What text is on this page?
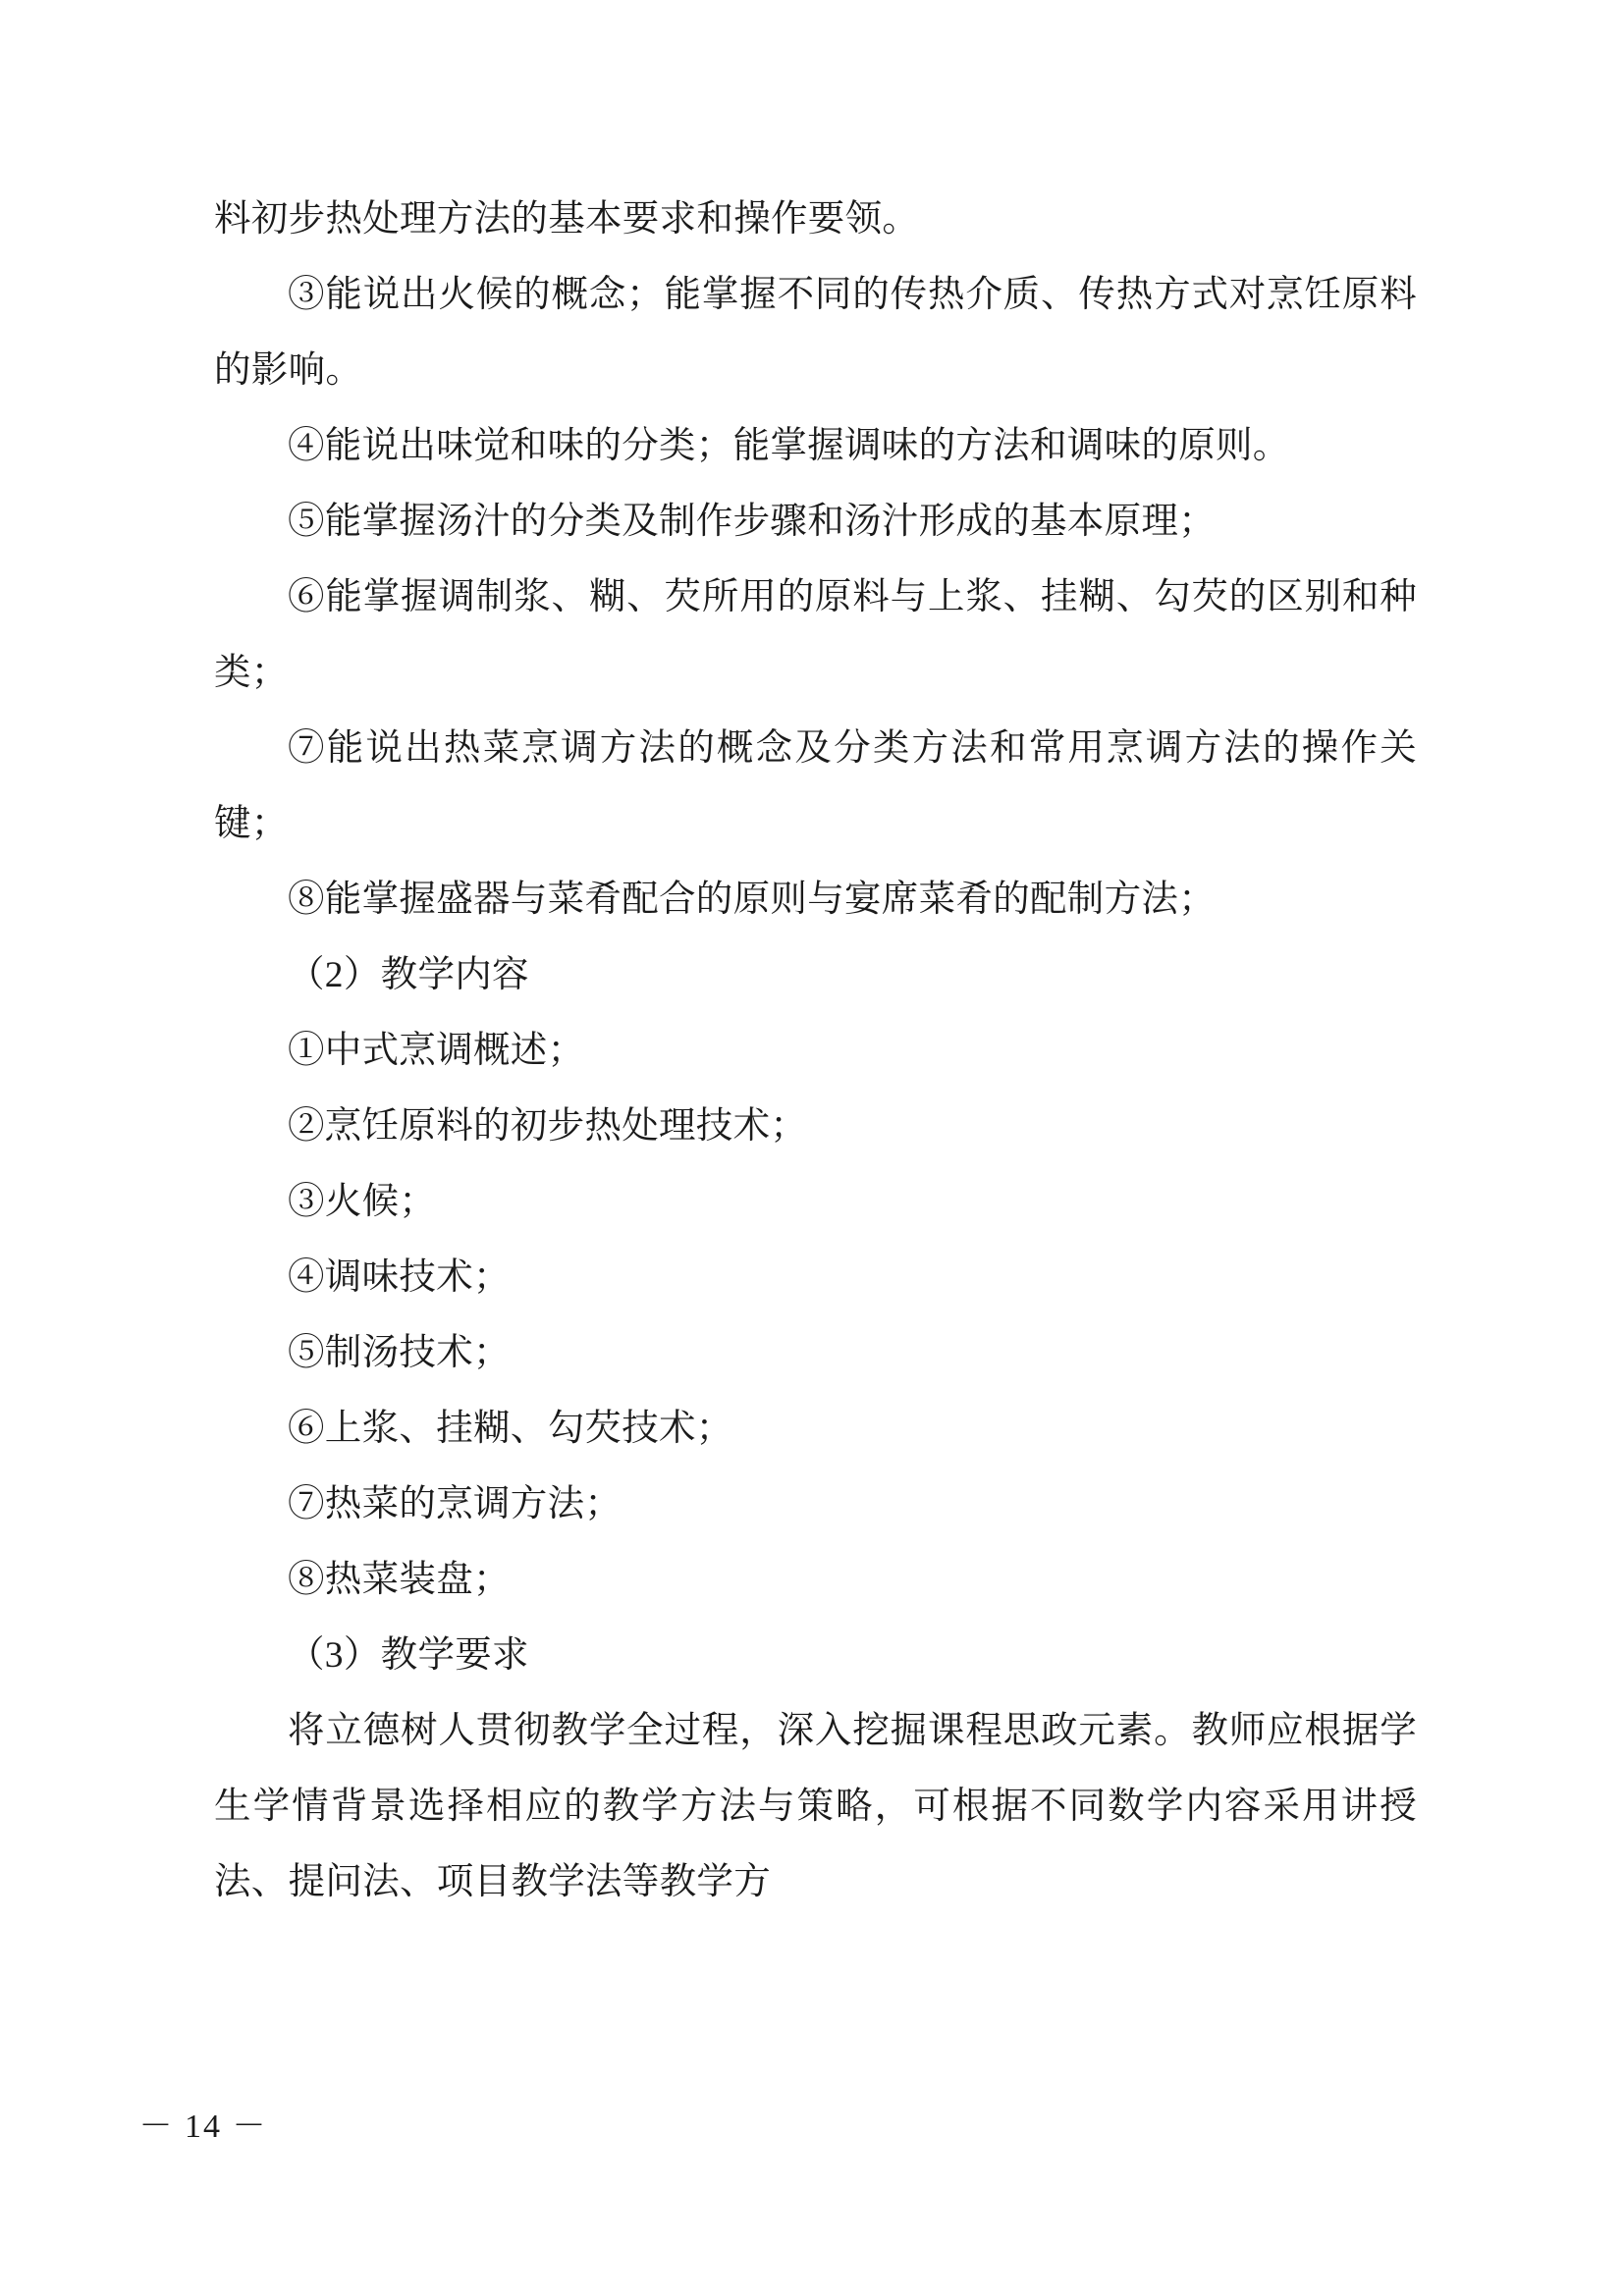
料初步热处理方法的基本要求和操作要领。

③能说出火候的概念；能掌握不同的传热介质、传热方式对烹饪原料的影响。

④能说出味觉和味的分类；能掌握调味的方法和调味的原则。

⑤能掌握汤汁的分类及制作步骤和汤汁形成的基本原理；

⑥能掌握调制浆、糊、芡所用的原料与上浆、挂糊、勾芡的区别和种类；

⑦能说出热菜烹调方法的概念及分类方法和常用烹调方法的操作关键；

⑧能掌握盛器与菜肴配合的原则与宴席菜肴的配制方法；

（2）教学内容

①中式烹调概述；

②烹饪原料的初步热处理技术；

③火候；

④调味技术；

⑤制汤技术；

⑥上浆、挂糊、勾芡技术；

⑦热菜的烹调方法；

⑧热菜装盘；

（3）教学要求

将立德树人贯彻教学全过程，深入挖掘课程思政元素。教师应根据学生学情背景选择相应的教学方法与策略，可根据不同数学内容采用讲授法、提问法、项目教学法等教学方

－ 14 －
